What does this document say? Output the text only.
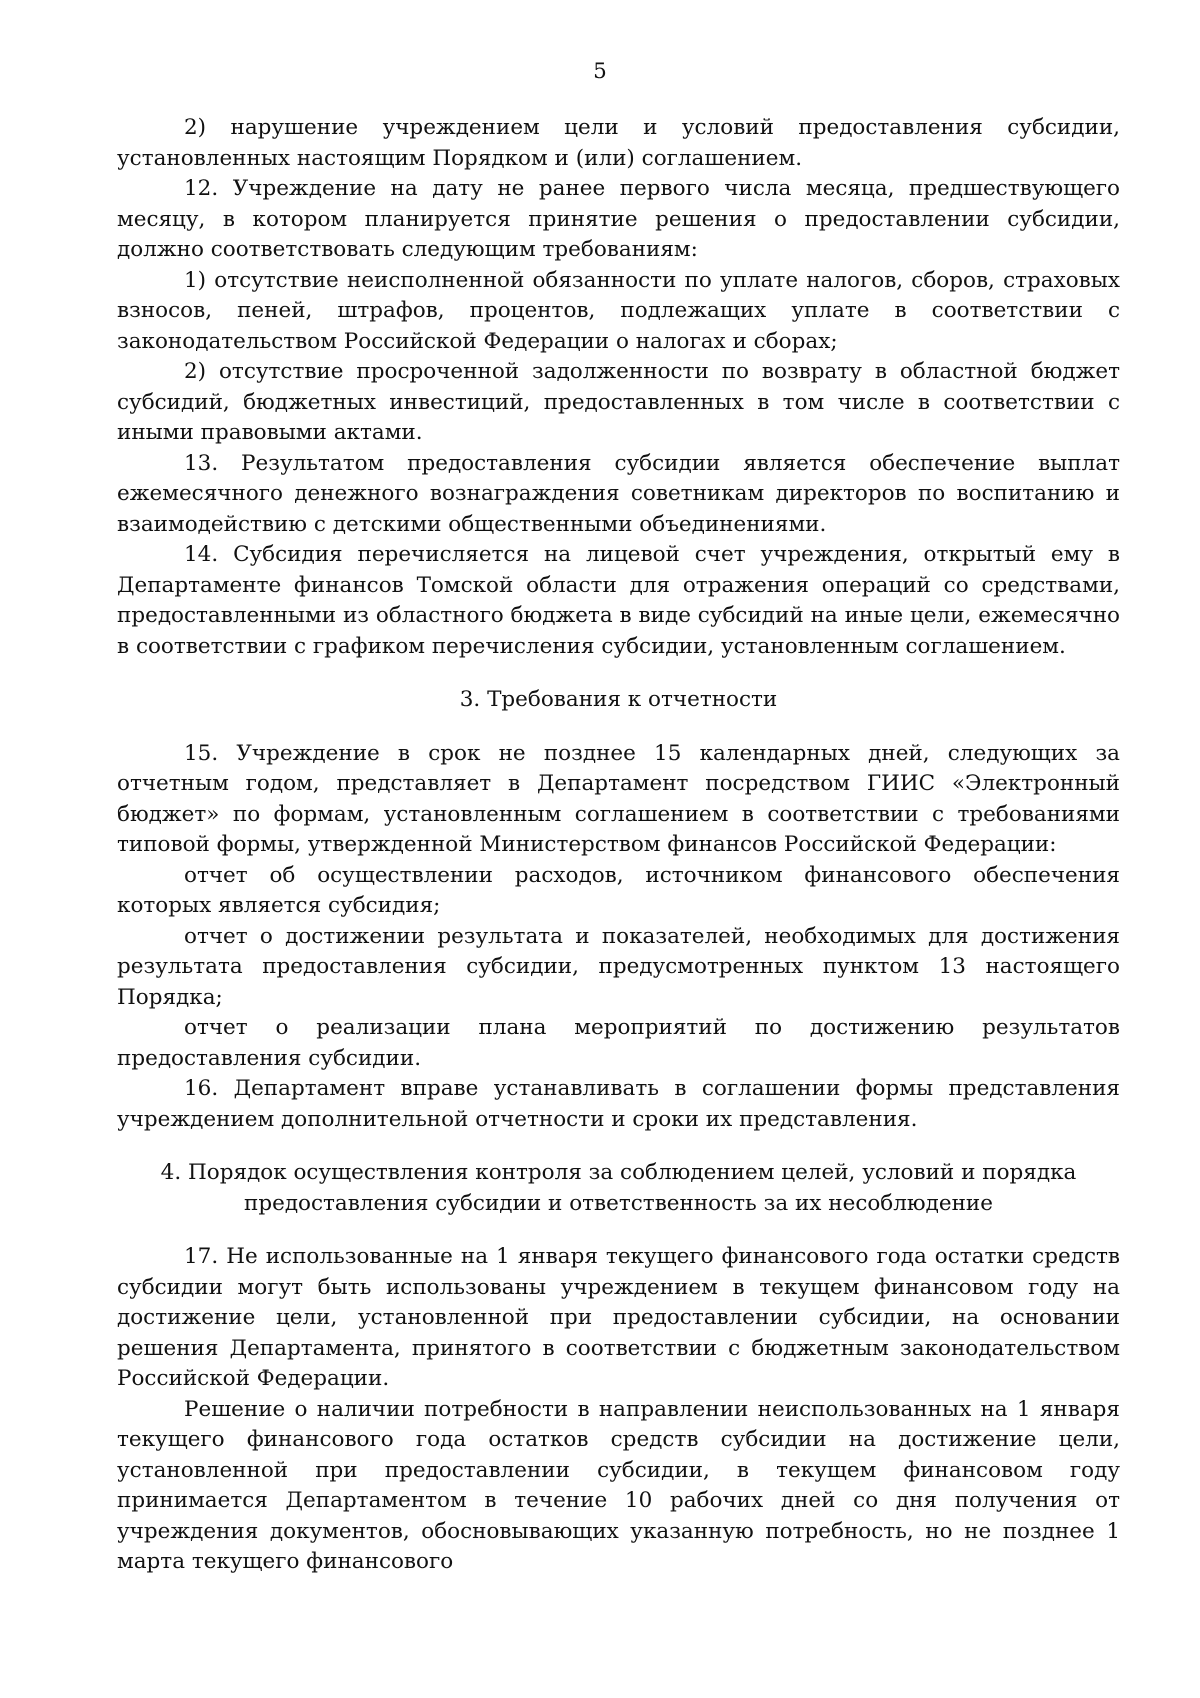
5

2) нарушение учреждением цели и условий предоставления субсидии, установленных настоящим Порядком и (или) соглашением.

12. Учреждение на дату не ранее первого числа месяца, предшествующего месяцу, в котором планируется принятие решения о предоставлении субсидии, должно соответствовать следующим требованиям:

1) отсутствие неисполненной обязанности по уплате налогов, сборов, страховых взносов, пеней, штрафов, процентов, подлежащих уплате в соответствии с законодательством Российской Федерации о налогах и сборах;

2) отсутствие просроченной задолженности по возврату в областной бюджет субсидий, бюджетных инвестиций, предоставленных в том числе в соответствии с иными правовыми актами.

13. Результатом предоставления субсидии является обеспечение выплат ежемесячного денежного вознаграждения советникам директоров по воспитанию и взаимодействию с детскими общественными объединениями.

14. Субсидия перечисляется на лицевой счет учреждения, открытый ему в Департаменте финансов Томской области для отражения операций со средствами, предоставленными из областного бюджета в виде субсидий на иные цели, ежемесячно в соответствии с графиком перечисления субсидии, установленным соглашением.

3. Требования к отчетности

15. Учреждение в срок не позднее 15 календарных дней, следующих за отчетным годом, представляет в Департамент посредством ГИИС «Электронный бюджет» по формам, установленным соглашением в соответствии с требованиями типовой формы, утвержденной Министерством финансов Российской Федерации:

отчет об осуществлении расходов, источником финансового обеспечения которых является субсидия;

отчет о достижении результата и показателей, необходимых для достижения результата предоставления субсидии, предусмотренных пунктом 13 настоящего Порядка;

отчет о реализации плана мероприятий по достижению результатов предоставления субсидии.

16. Департамент вправе устанавливать в соглашении формы представления учреждением дополнительной отчетности и сроки их представления.

4. Порядок осуществления контроля за соблюдением целей, условий и порядка предоставления субсидии и ответственность за их несоблюдение

17. Не использованные на 1 января текущего финансового года остатки средств субсидии могут быть использованы учреждением в текущем финансовом году на достижение цели, установленной при предоставлении субсидии, на основании решения Департамента, принятого в соответствии с бюджетным законодательством Российской Федерации.

Решение о наличии потребности в направлении неиспользованных на 1 января текущего финансового года остатков средств субсидии на достижение цели, установленной при предоставлении субсидии, в текущем финансовом году принимается Департаментом в течение 10 рабочих дней со дня получения от учреждения документов, обосновывающих указанную потребность, но не позднее 1 марта текущего финансового
